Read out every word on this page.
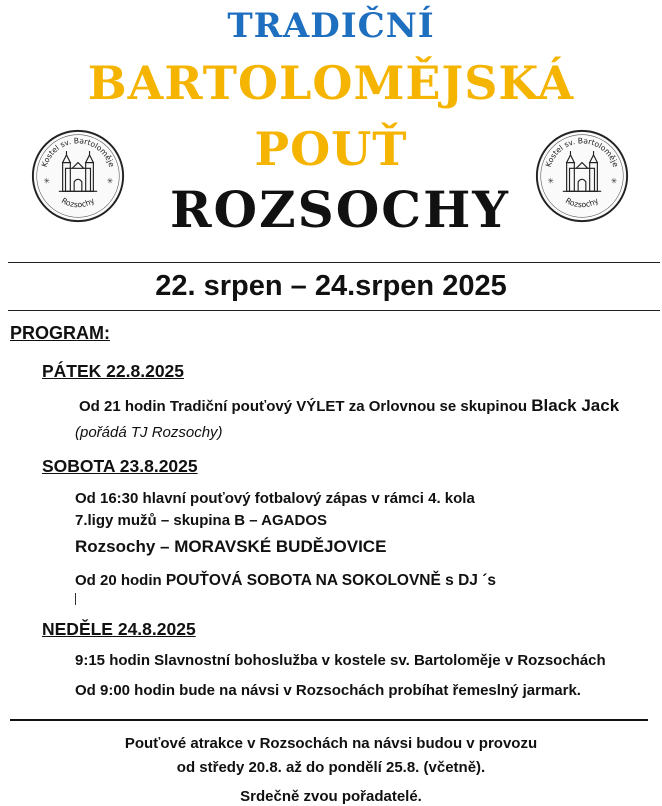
TRADIČNÍ
BARTOLOMĚJSKÁ
POUŤ
ROZSOCHY
Kostel sv. Bartoloměje
Rozsochy
✳	✳
Kostel sv. Bartoloměje
Rozsochy
✳	✳
22. srpen – 24.srpen 2025
PROGRAM:
PÁTEK 22.8.2025
Od 21 hodin Tradiční pouťový VÝLET za Orlovnou se skupinou Black Jack
(pořádá TJ Rozsochy)
SOBOTA 23.8.2025
Od 16:30 hlavní pouťový fotbalový zápas v rámci 4. kola
7.ligy mužů – skupina B – AGADOS
Rozsochy – MORAVSKÉ BUDĚJOVICE
Od 20 hodin POUŤOVÁ SOBOTA NA SOKOLOVNĚ s DJ ´s
NEDĚLE 24.8.2025
9:15 hodin Slavnostní bohoslužba v kostele sv. Bartoloměje v Rozsochách
Od 9:00 hodin bude na návsi v Rozsochách probíhat řemeslný jarmark.
Pouťové atrakce v Rozsochách na návsi budou v provozu
od středy 20.8. až do pondělí 25.8. (včetně).
Srdečně zvou pořadatelé.
